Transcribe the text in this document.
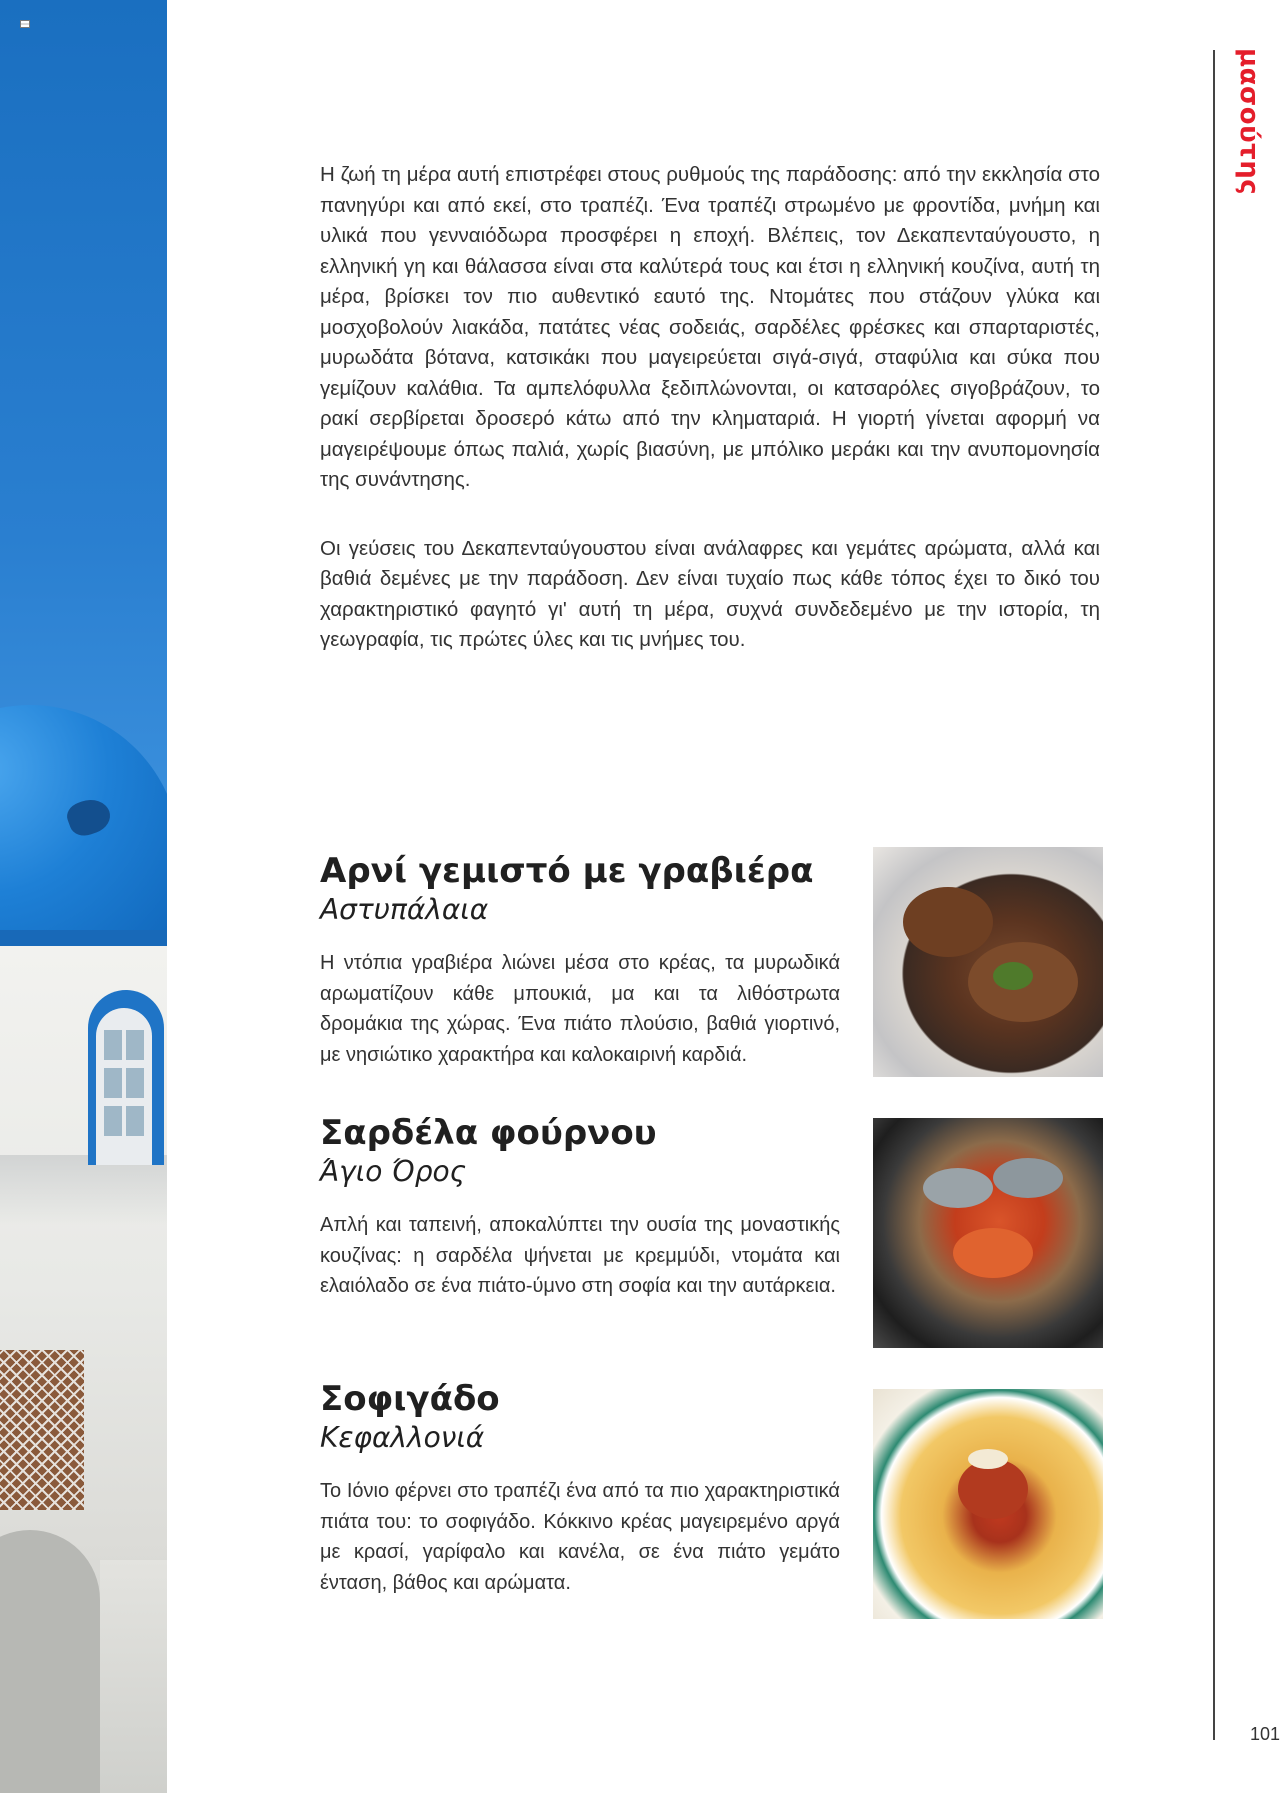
μασούτης

Η ζωή τη μέρα αυτή επιστρέφει στους ρυθμούς της παράδοσης: από την εκκλησία στο πανηγύρι και από εκεί, στο τραπέζι. Ένα τραπέζι στρωμένο με φροντίδα, μνήμη και υλικά που γενναιόδωρα προσφέρει η εποχή. Βλέπεις, τον Δεκαπενταύγουστο, η ελληνική γη και θάλασσα είναι στα καλύτερά τους και έτσι η ελληνική κουζίνα, αυτή τη μέρα, βρίσκει τον πιο αυθεντικό εαυτό της. Ντομάτες που στάζουν γλύκα και μοσχοβολούν λιακάδα, πατάτες νέας σοδειάς, σαρδέλες φρέσκες και σπαρταριστές, μυρωδάτα βότανα, κατσικάκι που μαγειρεύεται σιγά-σιγά, σταφύλια και σύκα που γεμίζουν καλάθια. Τα αμπελόφυλλα ξεδιπλώνονται, οι κατσαρόλες σιγοβράζουν, το ρακί σερβίρεται δροσερό κάτω από την κληματαριά. Η γιορτή γίνεται αφορμή να μαγειρέψουμε όπως παλιά, χωρίς βιασύνη, με μπόλικο μεράκι και την ανυπομονησία της συνάντησης.

Οι γεύσεις του Δεκαπενταύγουστου είναι ανάλαφρες και γεμάτες αρώματα, αλλά και βαθιά δεμένες με την παράδοση. Δεν είναι τυχαίο πως κάθε τόπος έχει το δικό του χαρακτηριστικό φαγητό γι' αυτή τη μέρα, συχνά συνδεδεμένο με την ιστορία, τη γεωγραφία, τις πρώτες ύλες και τις μνήμες του.

Αρνί γεμιστό με γραβιέρα
Αστυπάλαια

Η ντόπια γραβιέρα λιώνει μέσα στο κρέας, τα μυρωδικά αρωματίζουν κάθε μπουκιά, μα και τα λιθόστρωτα δρομάκια της χώρας. Ένα πιάτο πλούσιο, βαθιά γιορτινό, με νησιώτικο χαρακτήρα και καλοκαιρινή καρδιά.

Σαρδέλα φούρνου
Άγιο Όρος

Απλή και ταπεινή, αποκαλύπτει την ουσία της μοναστικής κουζίνας: η σαρδέλα ψήνεται με κρεμμύδι, ντομάτα και ελαιόλαδο σε ένα πιάτο-ύμνο στη σοφία και την αυτάρκεια.

Σοφιγάδο
Κεφαλλονιά

Το Ιόνιο φέρνει στο τραπέζι ένα από τα πιο χαρακτηριστικά πιάτα του: το σοφιγάδο. Κόκκινο κρέας μαγειρεμένο αργά με κρασί, γαρίφαλο και κανέλα, σε ένα πιάτο γεμάτο ένταση, βάθος και αρώματα.

101
